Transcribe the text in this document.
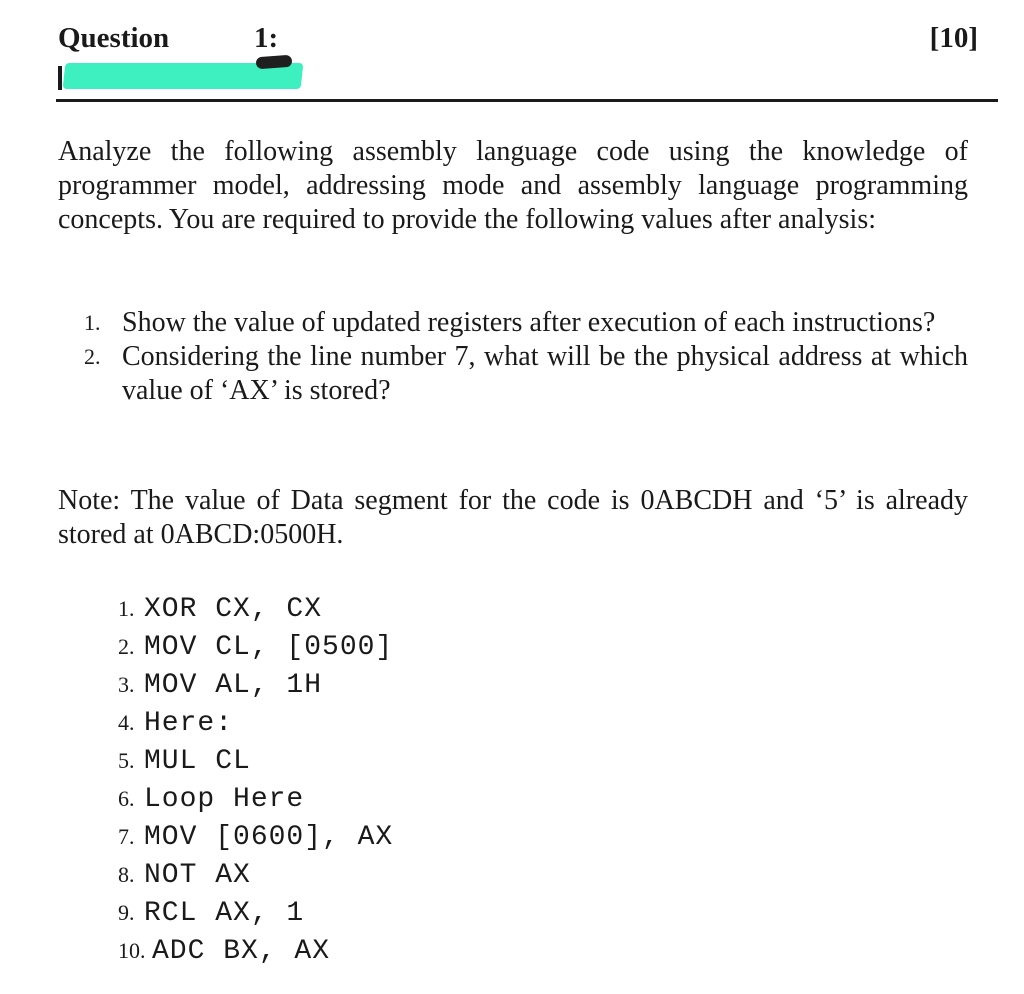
Question	1:	[10]

Analyze the following assembly language code using the knowledge of programmer model, addressing mode and assembly language programming concepts. You are required to provide the following values after analysis:

1. Show the value of updated registers after execution of each instructions?
2. Considering the line number 7, what will be the physical address at which value of ‘AX’ is stored?

Note: The value of Data segment for the code is 0ABCDH and ‘5’ is already stored at 0ABCD:0500H.

1. XOR CX, CX
2. MOV CL, [0500]
3. MOV AL, 1H
4. Here:
5. MUL CL
6. Loop Here
7. MOV [0600], AX
8. NOT AX
9. RCL AX, 1
10. ADC BX, AX
